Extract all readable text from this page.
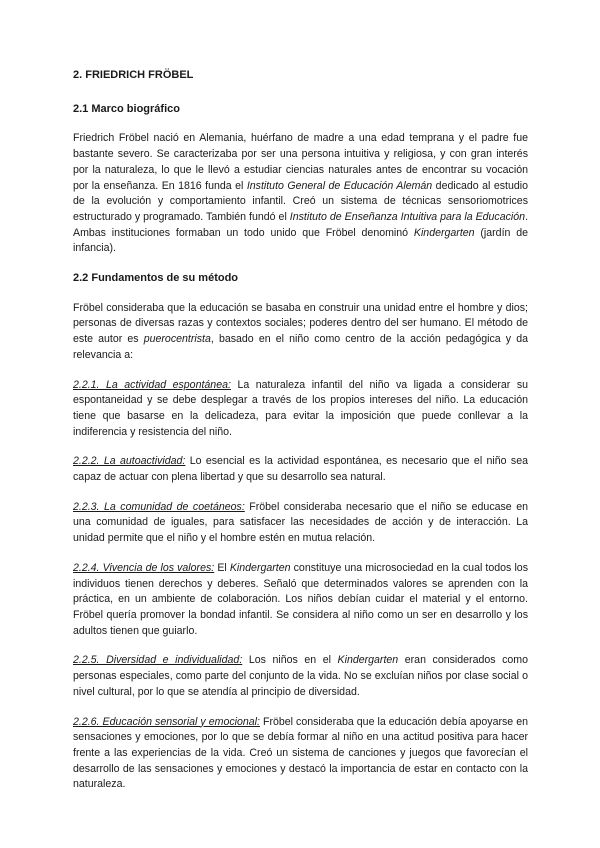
2. FRIEDRICH FRÖBEL
2.1 Marco biográfico

Friedrich Fröbel nació en Alemania, huérfano de madre a una edad temprana y el padre fue bastante severo. Se caracterizaba por ser una persona intuitiva y religiosa, y con gran interés por la naturaleza, lo que le llevó a estudiar ciencias naturales antes de encontrar su vocación por la enseñanza. En 1816 funda el Instituto General de Educación Alemán dedicado al estudio de la evolución y comportamiento infantil. Creó un sistema de técnicas sensoriomotrices estructurado y programado. También fundó el Instituto de Enseñanza Intuitiva para la Educación. Ambas instituciones formaban un todo unido que Fröbel denominó Kindergarten (jardín de infancia).

2.2 Fundamentos de su método

Fröbel consideraba que la educación se basaba en construir una unidad entre el hombre y dios; personas de diversas razas y contextos sociales; poderes dentro del ser humano. El método de este autor es puerocentrista, basado en el niño como centro de la acción pedagógica y da relevancia a:

2.2.1. La actividad espontánea: La naturaleza infantil del niño va ligada a considerar su espontaneidad y se debe desplegar a través de los propios intereses del niño. La educación tiene que basarse en la delicadeza, para evitar la imposición que puede conllevar a la indiferencia y resistencia del niño.

2.2.2. La autoactividad: Lo esencial es la actividad espontánea, es necesario que el niño sea capaz de actuar con plena libertad y que su desarrollo sea natural.

2.2.3. La comunidad de coetáneos: Fröbel consideraba necesario que el niño se educase en una comunidad de iguales, para satisfacer las necesidades de acción y de interacción. La unidad permite que el niño y el hombre estén en mutua relación.

2.2.4. Vivencia de los valores: El Kindergarten constituye una microsociedad en la cual todos los individuos tienen derechos y deberes. Señaló que determinados valores se aprenden con la práctica, en un ambiente de colaboración. Los niños debían cuidar el material y el entorno. Fröbel quería promover la bondad infantil. Se considera al niño como un ser en desarrollo y los adultos tienen que guiarlo.

2.2.5. Diversidad e individualidad: Los niños en el Kindergarten eran considerados como personas especiales, como parte del conjunto de la vida. No se excluían niños por clase social o nivel cultural, por lo que se atendía al principio de diversidad.

2.2.6. Educación sensorial y emocional: Fröbel consideraba que la educación debía apoyarse en sensaciones y emociones, por lo que se debía formar al niño en una actitud positiva para hacer frente a las experiencias de la vida. Creó un sistema de canciones y juegos que favorecían el desarrollo de las sensaciones y emociones y destacó la importancia de estar en contacto con la naturaleza.
